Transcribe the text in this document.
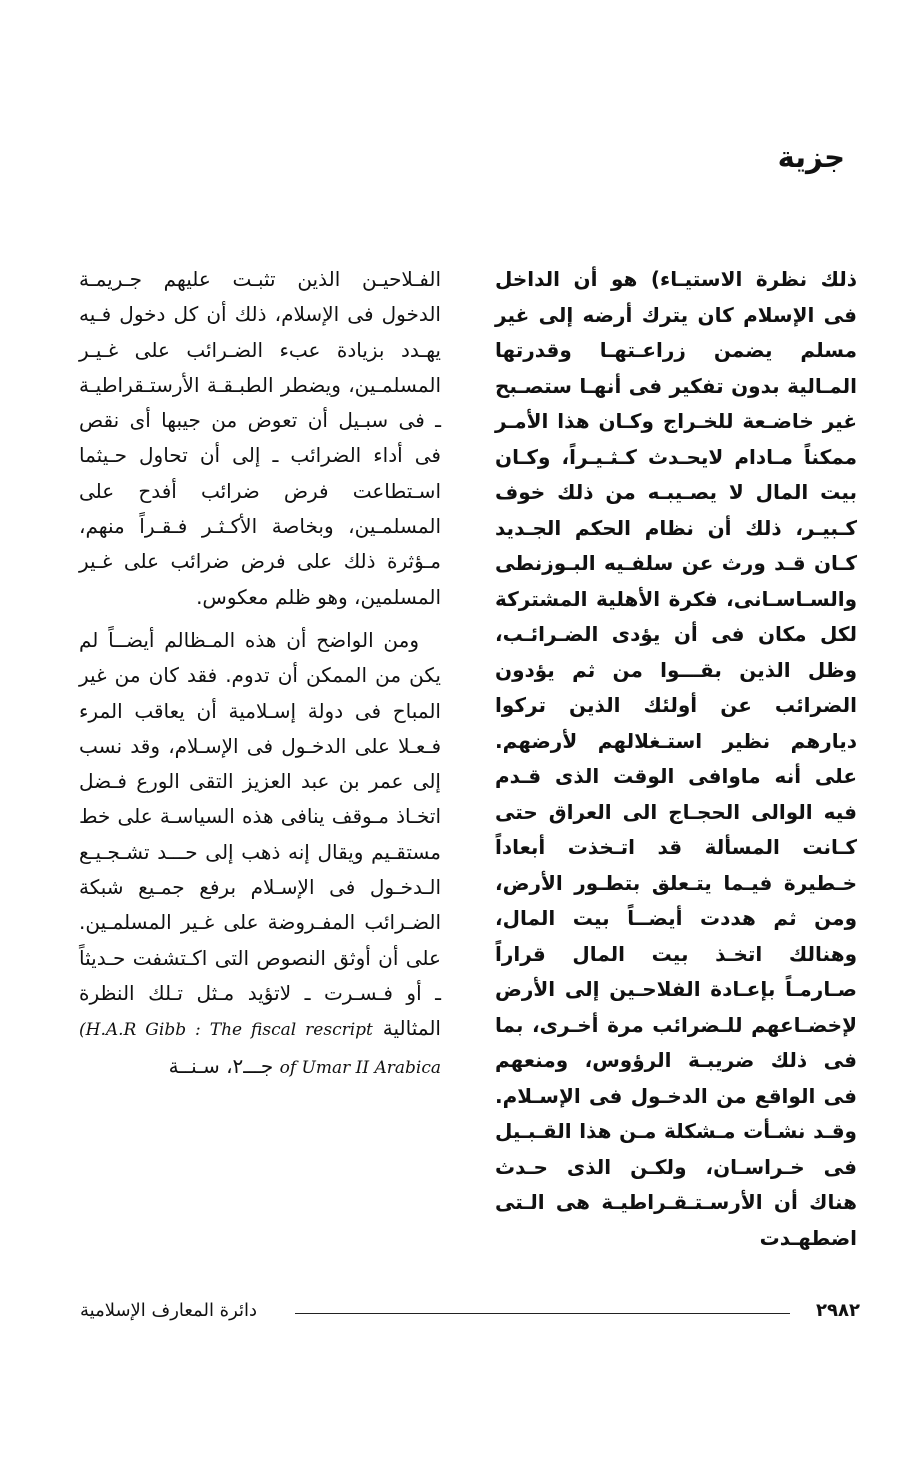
جزية

ذلك نظرة الاستيـاء) هو أن الداخل فى الإسلام كان يترك أرضه إلى غير مسلم يضمن زراعـتهـا وقدرتها المـالية بدون تفكير فى أنهـا ستصـبح غير خاضـعة للخـراج وكـان هذا الأمـر ممكناً مـادام لايحـدث كـثـيـراً، وكـان بيت المال لا يصـيبـه من ذلك خوف كـبيـر، ذلك أن نظام الحكم الجـديد كـان قـد ورث عن سلفـيه البـوزنطى والسـاسـانى، فكرة الأهلية المشتركة لكل مكان فى أن يؤدى الضـرائـب، وظل الذين بقـــوا من ثم يؤدون الضرائب عن أولئك الذين تركوا ديارهم نظير استـغلالهم لأرضهم. على أنه ماوافى الوقت الذى قـدم فيه الوالى الحجـاج الى العراق حتى كـانت المسألة قد اتـخذت أبعاداً خـطيرة فيـما يتـعلق بتطـور الأرض، ومن ثم هددت أيضــاً بيت المال، وهنالك اتخـذ بيت المال قراراً صـارمـاً بإعـادة الفلاحـين إلى الأرض لإخضـاعهم للـضرائب مرة أخـرى، بما فى ذلك ضريبـة الرؤوس، ومنعهم فى الواقع من الدخـول فى الإسـلام. وقـد نشـأت مـشكلة مـن هذا القـبـيل فى خـراسـان، ولكـن الذى حـدث هناك أن الأرسـتـقـراطيـة هى الـتى اضطهـدت

الفـلاحيـن الذين تثبـت عليهم جـريمـة الدخول فى الإسلام، ذلك أن كل دخول فـيه يهـدد بزيادة عبء الضـرائب على غـيـر المسلمـين، ويضطر الطبـقـة الأرستـقراطيـة ـ فى سبـيل أن تعوض من جيبها أى نقص فى أداء الضرائب ـ إلى أن تحاول حـيثما اسـتطاعت فرض ضرائب أفدح على المسلمـين، وبخاصة الأكـثـر فـقـراً منهم، مـؤثرة ذلك على فرض ضرائب على غـير المسلمين، وهو ظلم معكوس.

ومن الواضح أن هذه المـظالم أيضــاً لم يكن من الممكن أن تدوم. فقد كان من غير المباح فى دولة إسـلامية أن يعاقب المرء فـعـلا على الدخـول فى الإسـلام، وقد نسب إلى عمر بن عبد العزيز التقى الورع فـضل اتخـاذ مـوقف ينافى هذه السياسـة على خط مستقـيم ويقال إنه ذهب إلى حـــد تشـجـيـع الـدخـول فى الإسـلام برفع جمـيع شبكة الضـرائب المفـروضة على غـير المسلمـين. على أن أوثق النصوص التى اكـتشفت حـديثاً ـ أو فـسـرت ـ لاتؤيد مـثل تـلك النظرة المثالية (H.A.R Gibb : The fiscal rescript of Umar II Arabica جـــ٢، سـنــة

دائرة المعارف الإسلامية	٢٩٨٢
